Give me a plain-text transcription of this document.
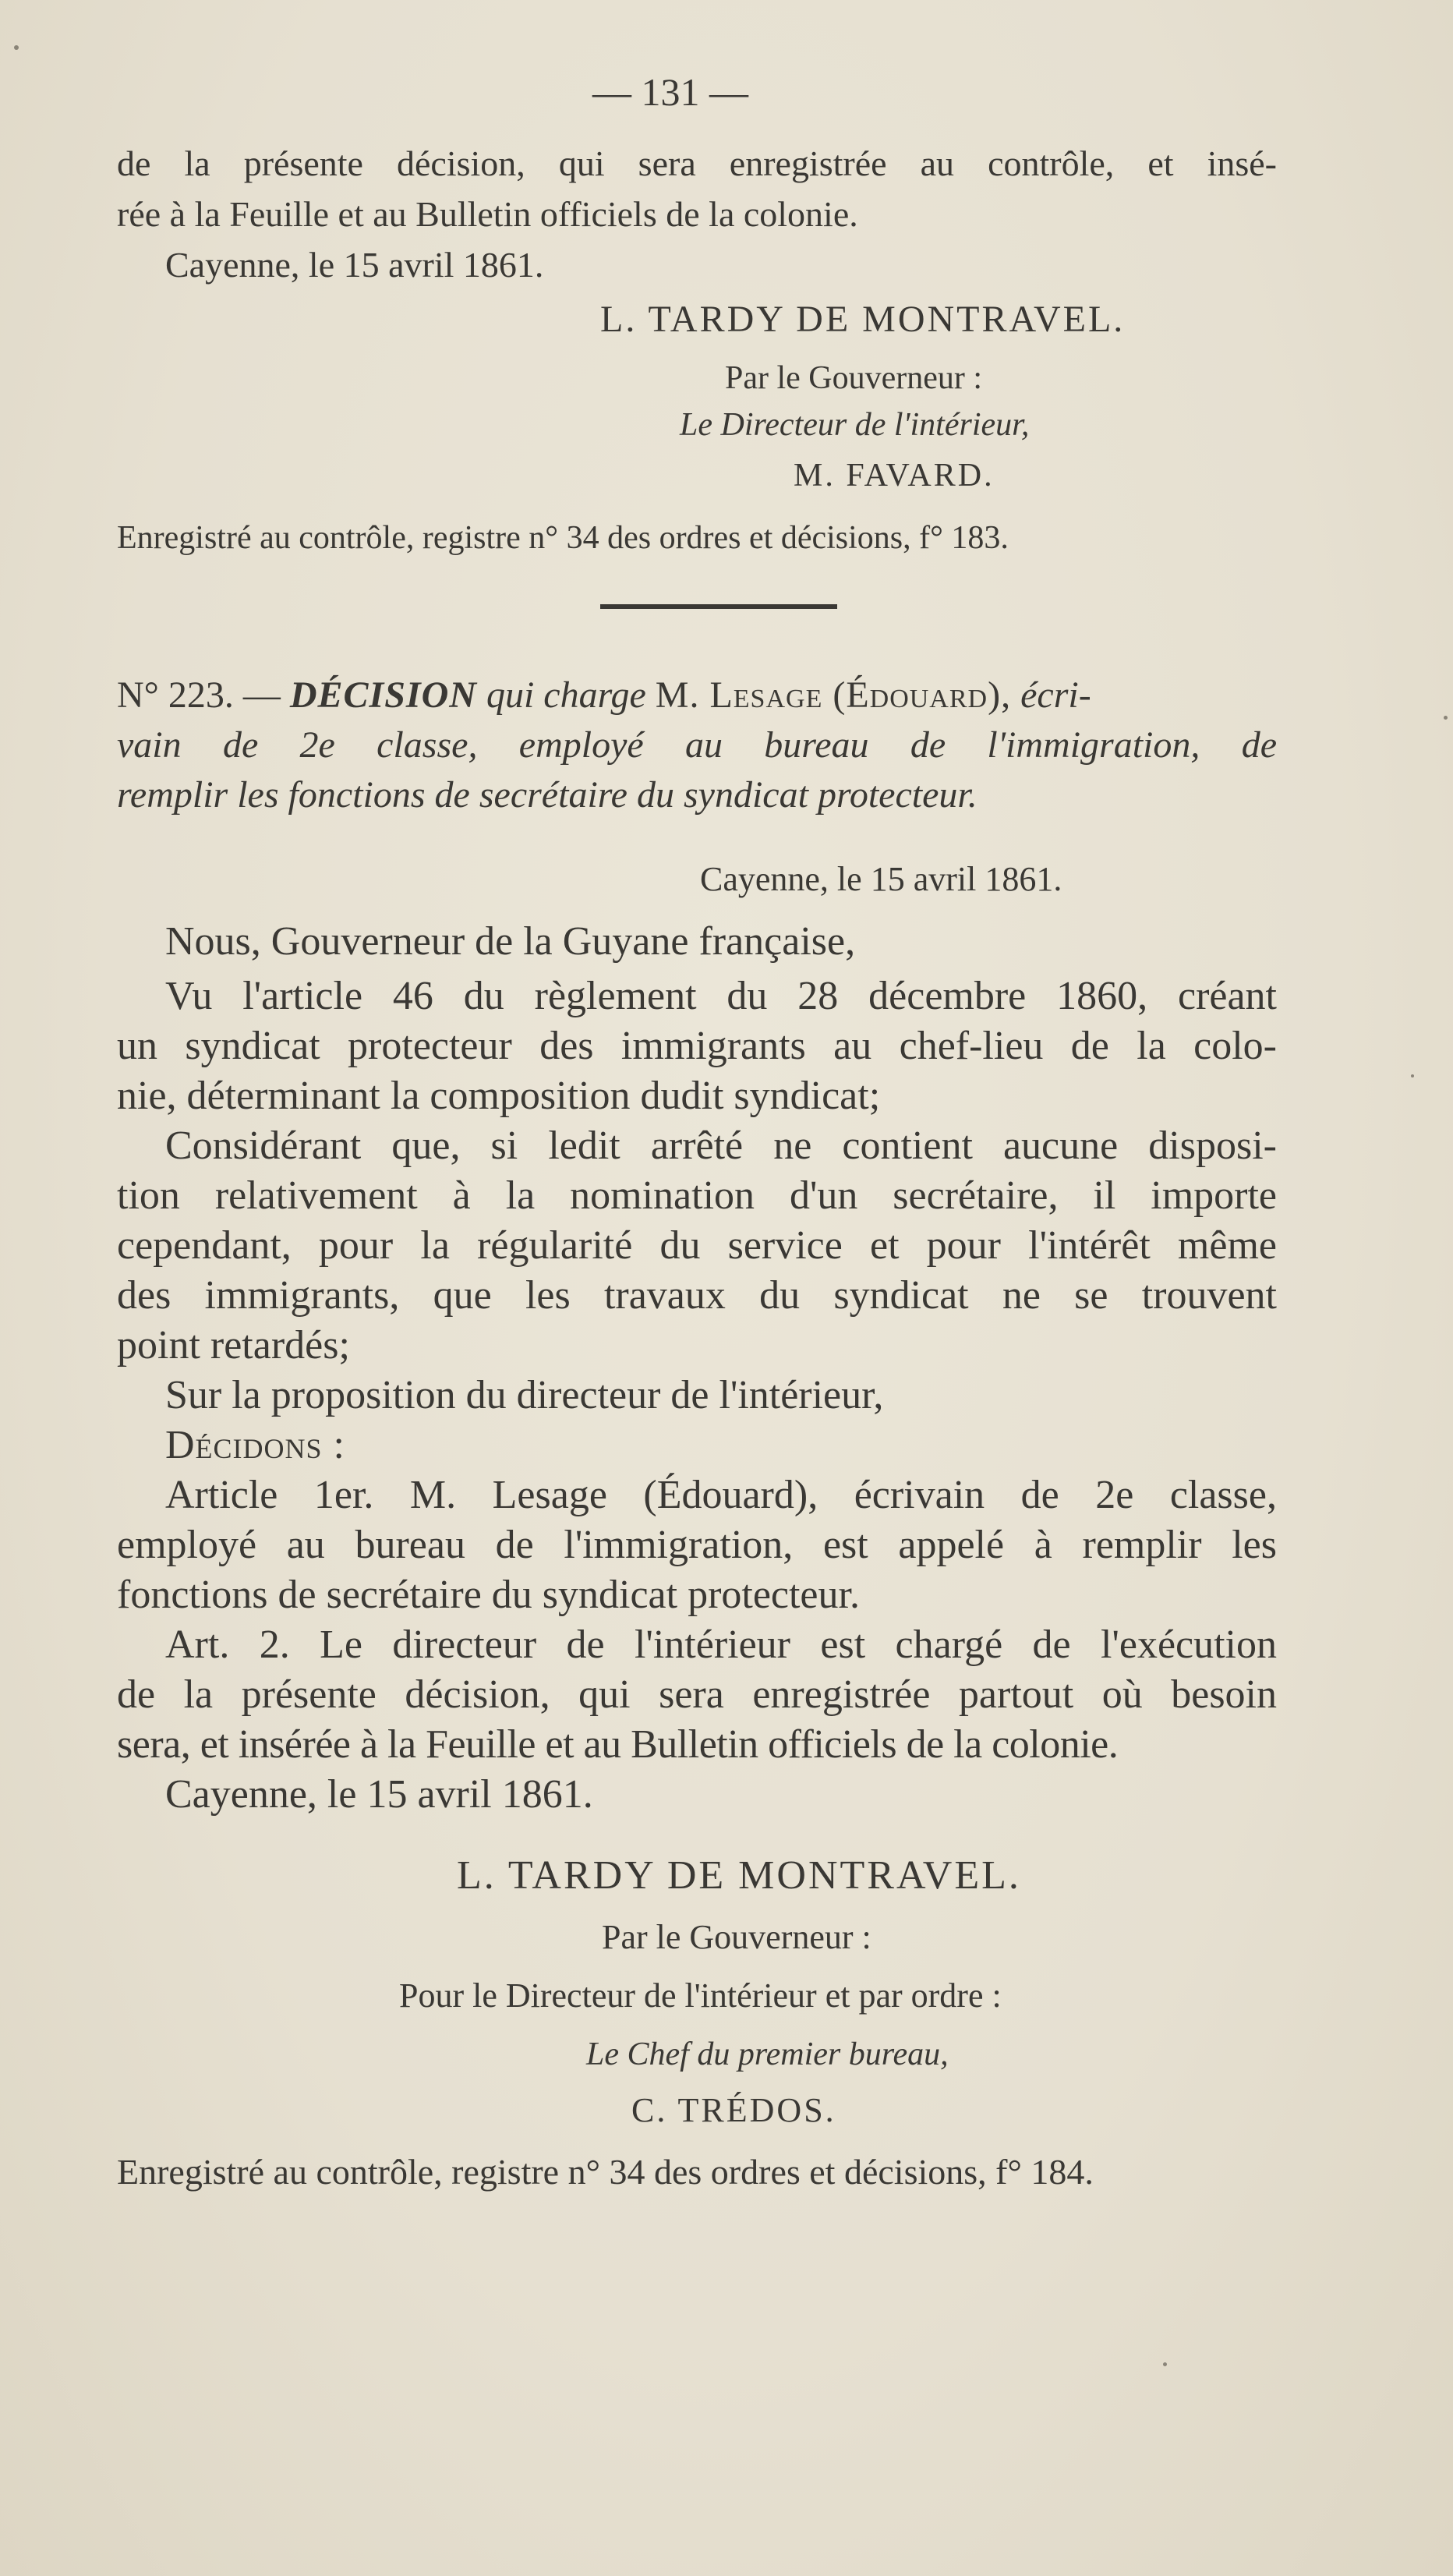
— 131 —
de la présente décision, qui sera enregistrée au contrôle, et insé-
rée à la Feuille et au Bulletin officiels de la colonie.
Cayenne, le 15 avril 1861.
L. TARDY DE MONTRAVEL.
Par le Gouverneur :
Le Directeur de l'intérieur,
M. FAVARD.
Enregistré au contrôle, registre n° 34 des ordres et décisions, f° 183.
N° 223. — DÉCISION qui charge M. Lesage (Édouard), écri-
vain de 2e classe, employé au bureau de l'immigration, de
remplir les fonctions de secrétaire du syndicat protecteur.
Cayenne, le 15 avril 1861.
Nous, Gouverneur de la Guyane française,
Vu l'article 46 du règlement du 28 décembre 1860, créant
un syndicat protecteur des immigrants au chef-lieu de la colo-
nie, déterminant la composition dudit syndicat;
Considérant que, si ledit arrêté ne contient aucune disposi-
tion relativement à la nomination d'un secrétaire, il importe
cependant, pour la régularité du service et pour l'intérêt même
des immigrants, que les travaux du syndicat ne se trouvent
point retardés;
Sur la proposition du directeur de l'intérieur,
Décidons :
Article 1er. M. Lesage (Édouard), écrivain de 2e classe,
employé au bureau de l'immigration, est appelé à remplir les
fonctions de secrétaire du syndicat protecteur.
Art. 2. Le directeur de l'intérieur est chargé de l'exécution
de la présente décision, qui sera enregistrée partout où besoin
sera, et insérée à la Feuille et au Bulletin officiels de la colonie.
Cayenne, le 15 avril 1861.
L. TARDY DE MONTRAVEL.
Par le Gouverneur :
Pour le Directeur de l'intérieur et par ordre :
Le Chef du premier bureau,
C. TRÉDOS.
Enregistré au contrôle, registre n° 34 des ordres et décisions, f° 184.
